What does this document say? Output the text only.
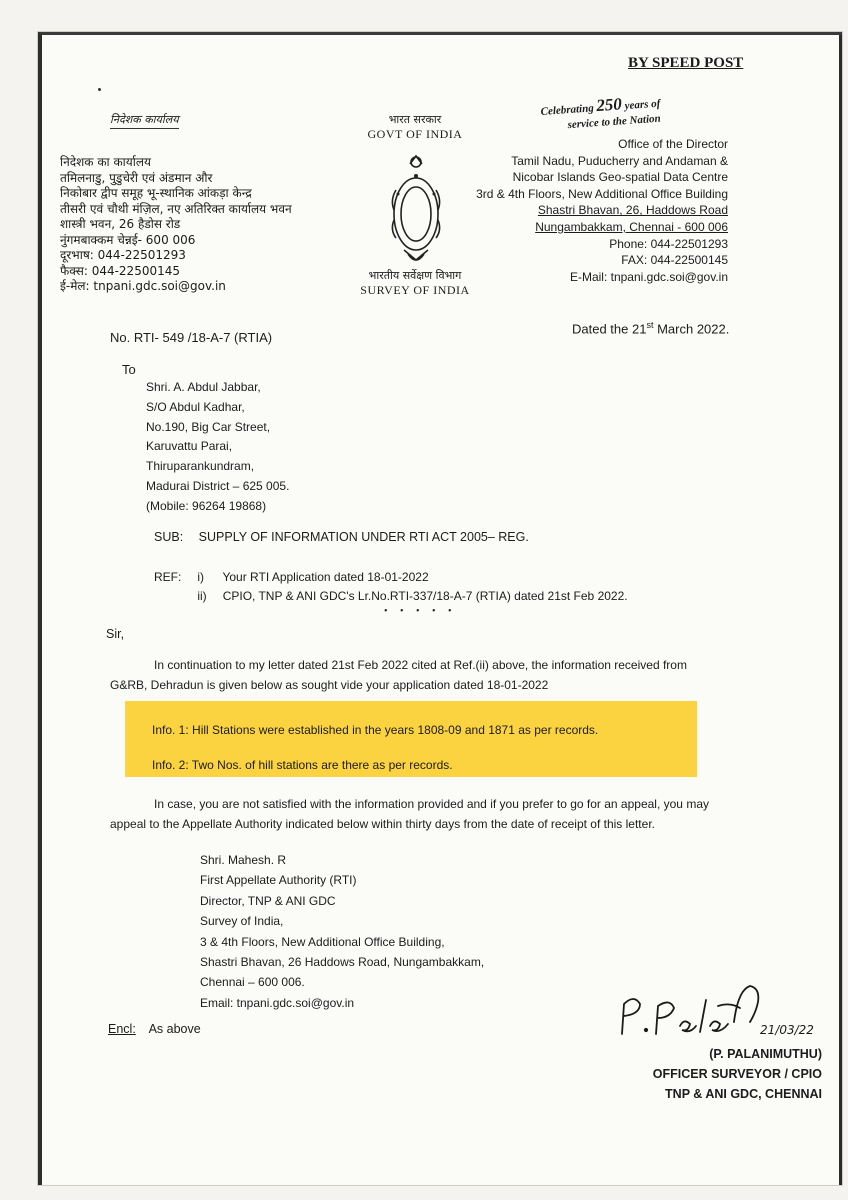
BY SPEED POST
निदेशक कार्यालय
निदेशक का कार्यालय
तमिलनाडु, पुडुचेरी एवं अंडमान और
निकोबार द्वीप समूह भू-स्थानिक आंकड़ा केन्द्र
तीसरी एवं चौथी मंज़िल, नए अतिरिक्त कार्यालय भवन
शास्त्री भवन, 26 हैडोस रोड
नुंगमबाक्कम चेन्नई- 600 006
दूरभाष: 044-22501293
फैक्स: 044-22500145
ई-मेल: tnpani.gdc.soi@gov.in
भारत सरकार
GOVT OF INDIA
भारतीय सर्वेक्षण विभाग
SURVEY OF INDIA
Celebrating 250 years of
service to the Nation
Office of the Director
Tamil Nadu, Puducherry and Andaman &
Nicobar Islands Geo-spatial Data Centre
3rd & 4th Floors, New Additional Office Building
Shastri Bhavan, 26, Haddows Road
Nungambakkam, Chennai - 600 006
Phone: 044-22501293
FAX: 044-22500145
E-Mail: tnpani.gdc.soi@gov.in
No. RTI- 549 /18-A-7 (RTIA)
Dated the 21st March 2022.
To
Shri. A. Abdul Jabbar,
S/O Abdul Kadhar,
No.190, Big Car Street,
Karuvattu Parai,
Thiruparankundram,
Madurai District – 625 005.
(Mobile: 96264 19868)
SUB: SUPPLY OF INFORMATION UNDER RTI ACT 2005– REG.
REF: i) Your RTI Application dated 18-01-2022
ii) CPIO, TNP & ANI GDC's Lr.No.RTI-337/18-A-7 (RTIA) dated 21st Feb 2022.
• • • • •
Sir,
In continuation to my letter dated 21st Feb 2022 cited at Ref.(ii) above, the information received from
G&RB, Dehradun is given below as sought vide your application dated 18-01-2022
Info. 1: Hill Stations were established in the years 1808-09 and 1871 as per records.
Info. 2: Two Nos. of hill stations are there as per records.
In case, you are not satisfied with the information provided and if you prefer to go for an appeal, you may
appeal to the Appellate Authority indicated below within thirty days from the date of receipt of this letter.
Shri. Mahesh. R
First Appellate Authority (RTI)
Director, TNP & ANI GDC
Survey of India,
3 & 4th Floors, New Additional Office Building,
Shastri Bhavan, 26 Haddows Road, Nungambakkam,
Chennai – 600 006.
Email: tnpani.gdc.soi@gov.in
Encl: As above	21/03/22
(P. PALANIMUTHU)
OFFICER SURVEYOR / CPIO
TNP & ANI GDC, CHENNAI
